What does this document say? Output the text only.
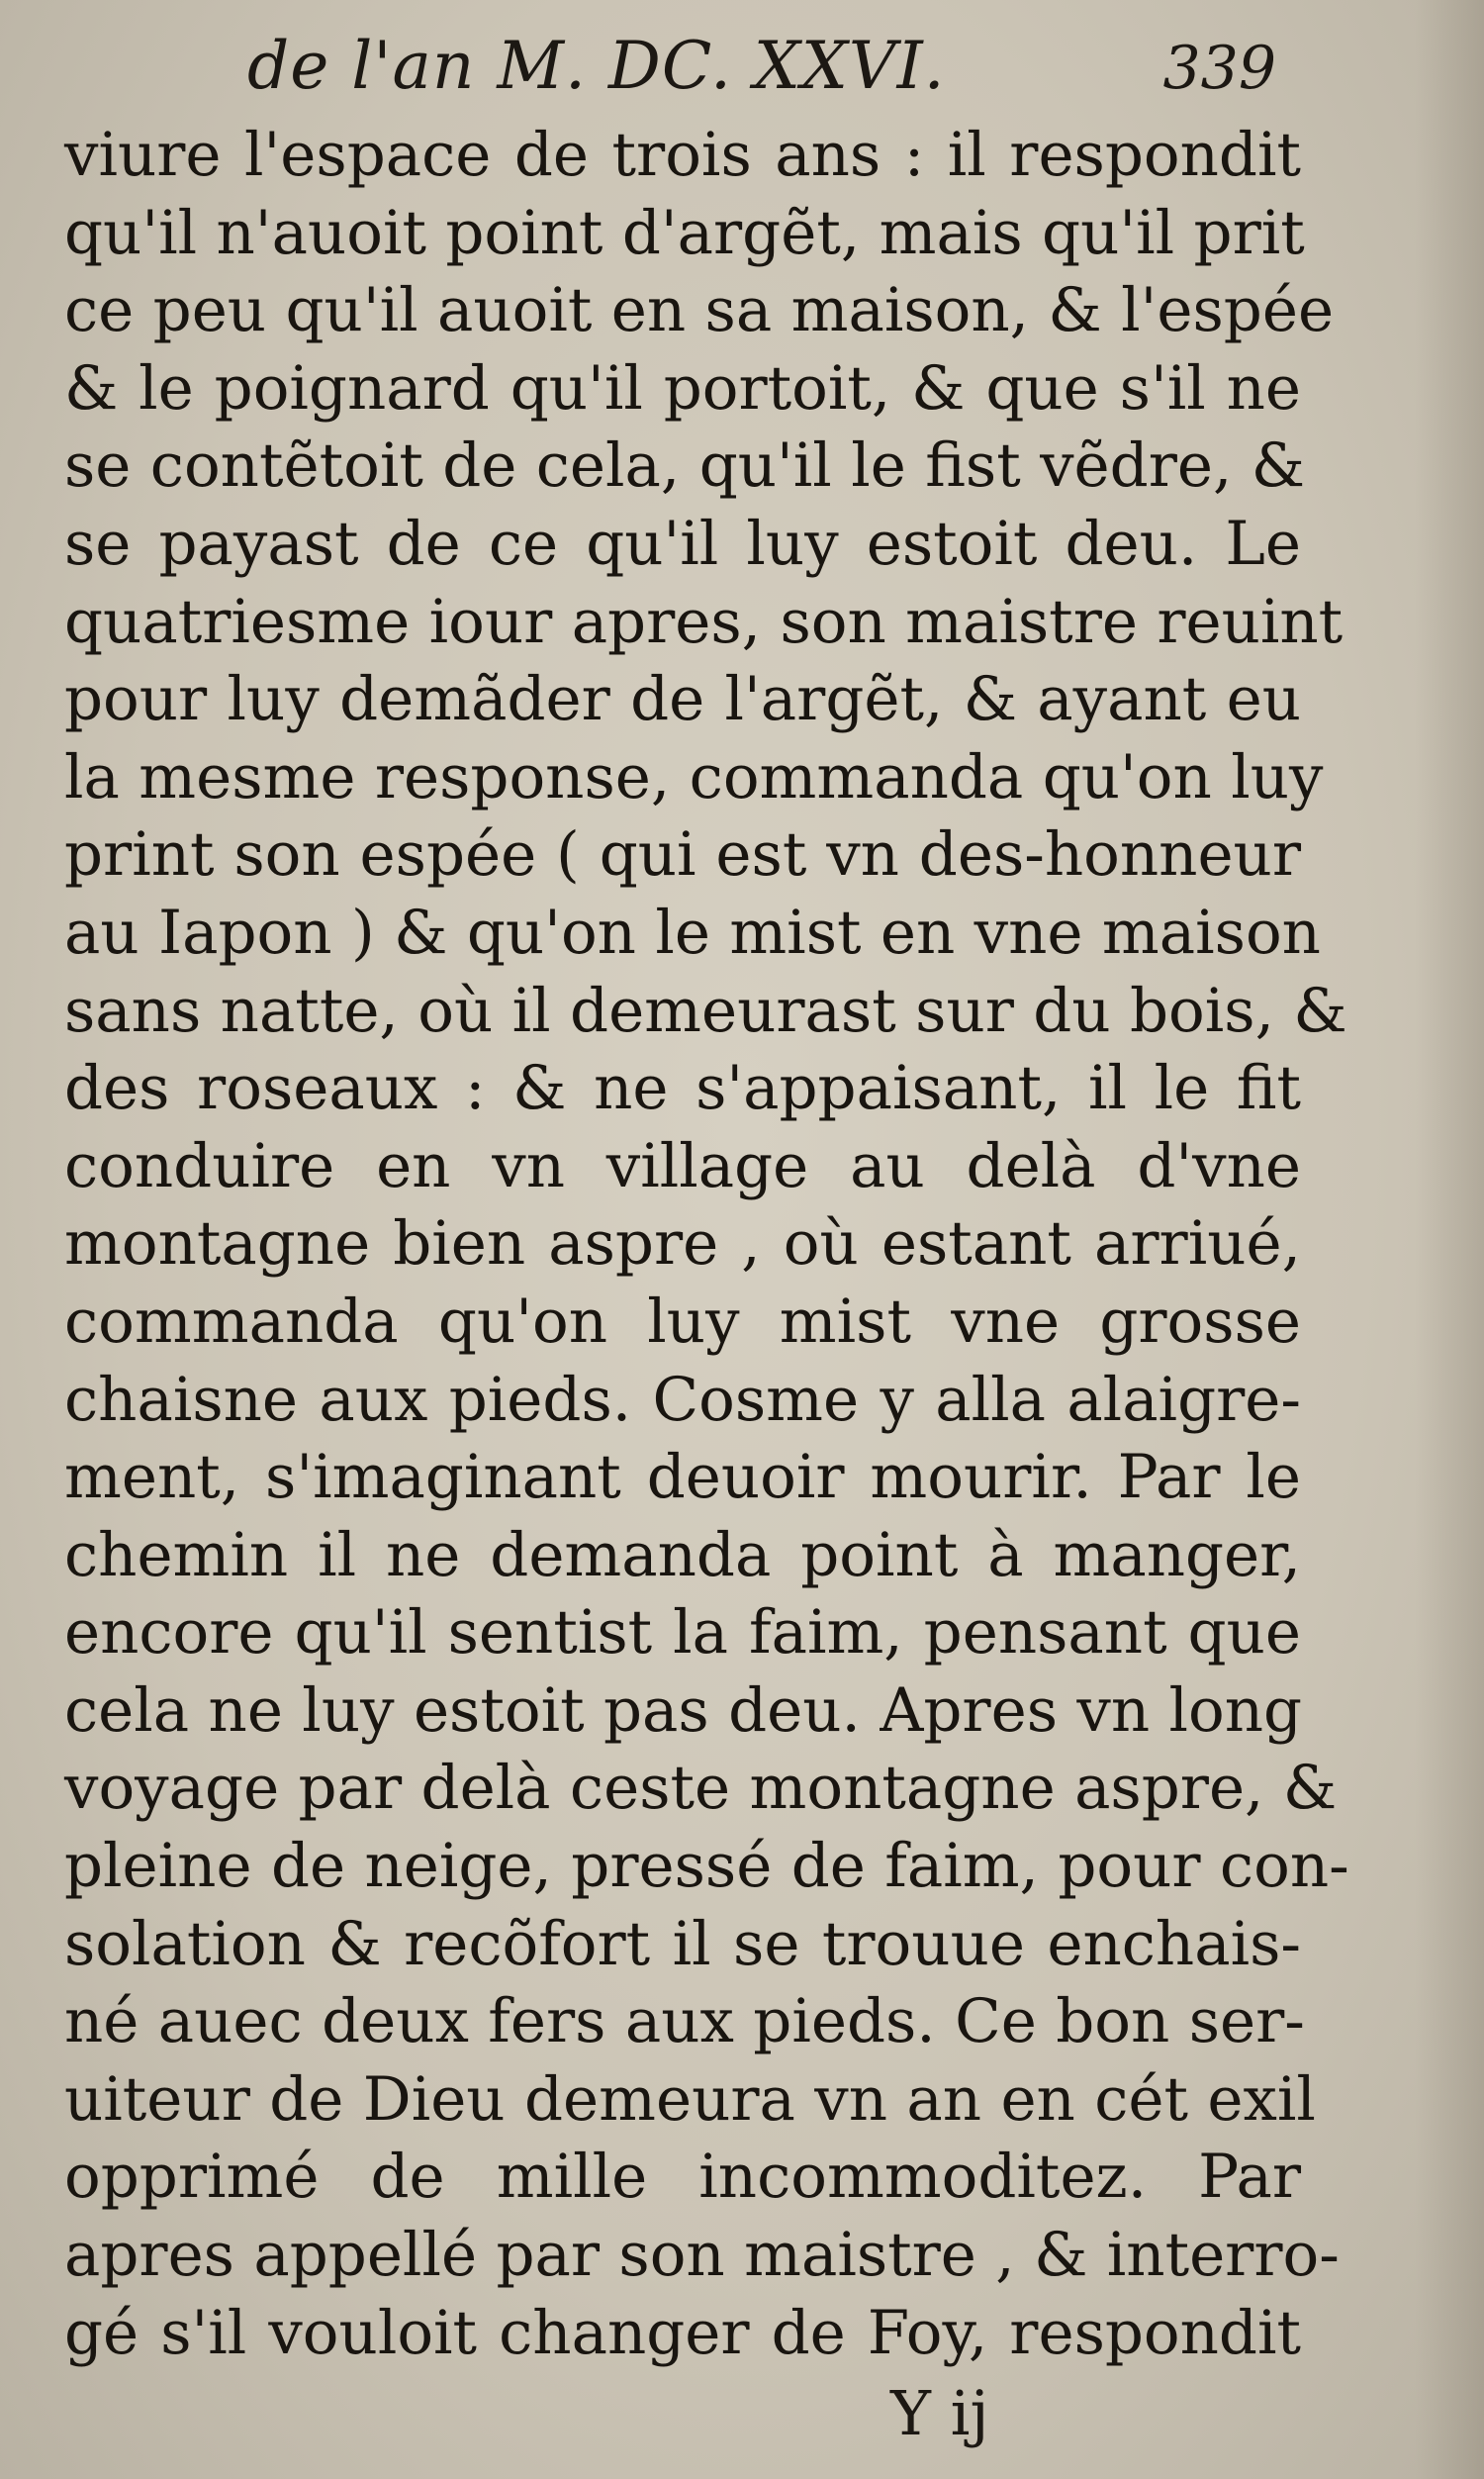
de l'an M. DC. XXVI.	339
viure l'espace de trois ans : il respondit
qu'il n'auoit point d'argẽt, mais qu'il prit
ce peu qu'il auoit en sa maison, & l'espée
& le poignard qu'il portoit, & que s'il ne
se contẽtoit de cela, qu'il le fist vẽdre, &
se payast de ce qu'il luy estoit deu. Le
quatriesme iour apres, son maistre reuint
pour luy demãder de l'argẽt, & ayant eu
la mesme response, commanda qu'on luy
print son espée ( qui est vn des-honneur
au Iapon ) & qu'on le mist en vne maison
sans natte, où il demeurast sur du bois, &
des roseaux : & ne s'appaisant, il le fit
conduire en vn village au delà d'vne
montagne bien aspre , où estant arriué,
commanda qu'on luy mist vne grosse
chaisne aux pieds. Cosme y alla alaigre-
ment, s'imaginant deuoir mourir. Par le
chemin il ne demanda point à manger,
encore qu'il sentist la faim, pensant que
cela ne luy estoit pas deu. Apres vn long
voyage par delà ceste montagne aspre, &
pleine de neige, pressé de faim, pour con-
solation & recõfort il se trouue enchais-
né auec deux fers aux pieds. Ce bon ser-
uiteur de Dieu demeura vn an en cét exil
opprimé de mille incommoditez. Par
apres appellé par son maistre , & interro-
gé s'il vouloit changer de Foy, respondit
Y ij
